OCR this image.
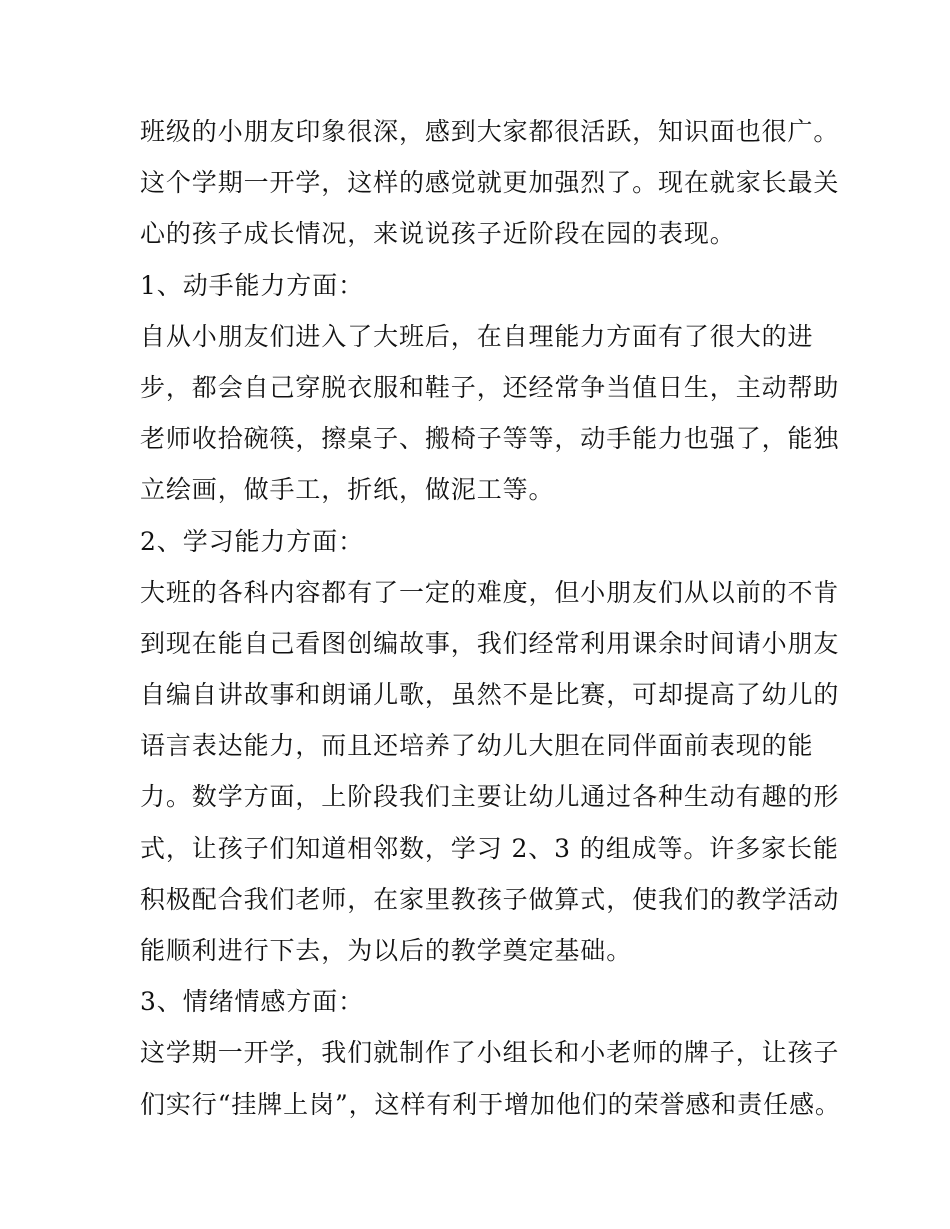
班级的小朋友印象很深，感到大家都很活跃，知识面也很广。
这个学期一开学，这样的感觉就更加强烈了。现在就家长最关
心的孩子成长情况，来说说孩子近阶段在园的表现。
1、动手能力方面：
自从小朋友们进入了大班后，在自理能力方面有了很大的进
步，都会自己穿脱衣服和鞋子，还经常争当值日生，主动帮助
老师收拾碗筷，擦桌子、搬椅子等等，动手能力也强了，能独
立绘画，做手工，折纸，做泥工等。
2、学习能力方面：
大班的各科内容都有了一定的难度，但小朋友们从以前的不肯
到现在能自己看图创编故事，我们经常利用课余时间请小朋友
自编自讲故事和朗诵儿歌，虽然不是比赛，可却提高了幼儿的
语言表达能力，而且还培养了幼儿大胆在同伴面前表现的能
力。数学方面，上阶段我们主要让幼儿通过各种生动有趣的形
式，让孩子们知道相邻数，学习 2、3 的组成等。许多家长能
积极配合我们老师，在家里教孩子做算式，使我们的教学活动
能顺利进行下去，为以后的教学奠定基础。
3、情绪情感方面：
这学期一开学，我们就制作了小组长和小老师的牌子，让孩子
们实行“挂牌上岗”，这样有利于增加他们的荣誉感和责任感。
